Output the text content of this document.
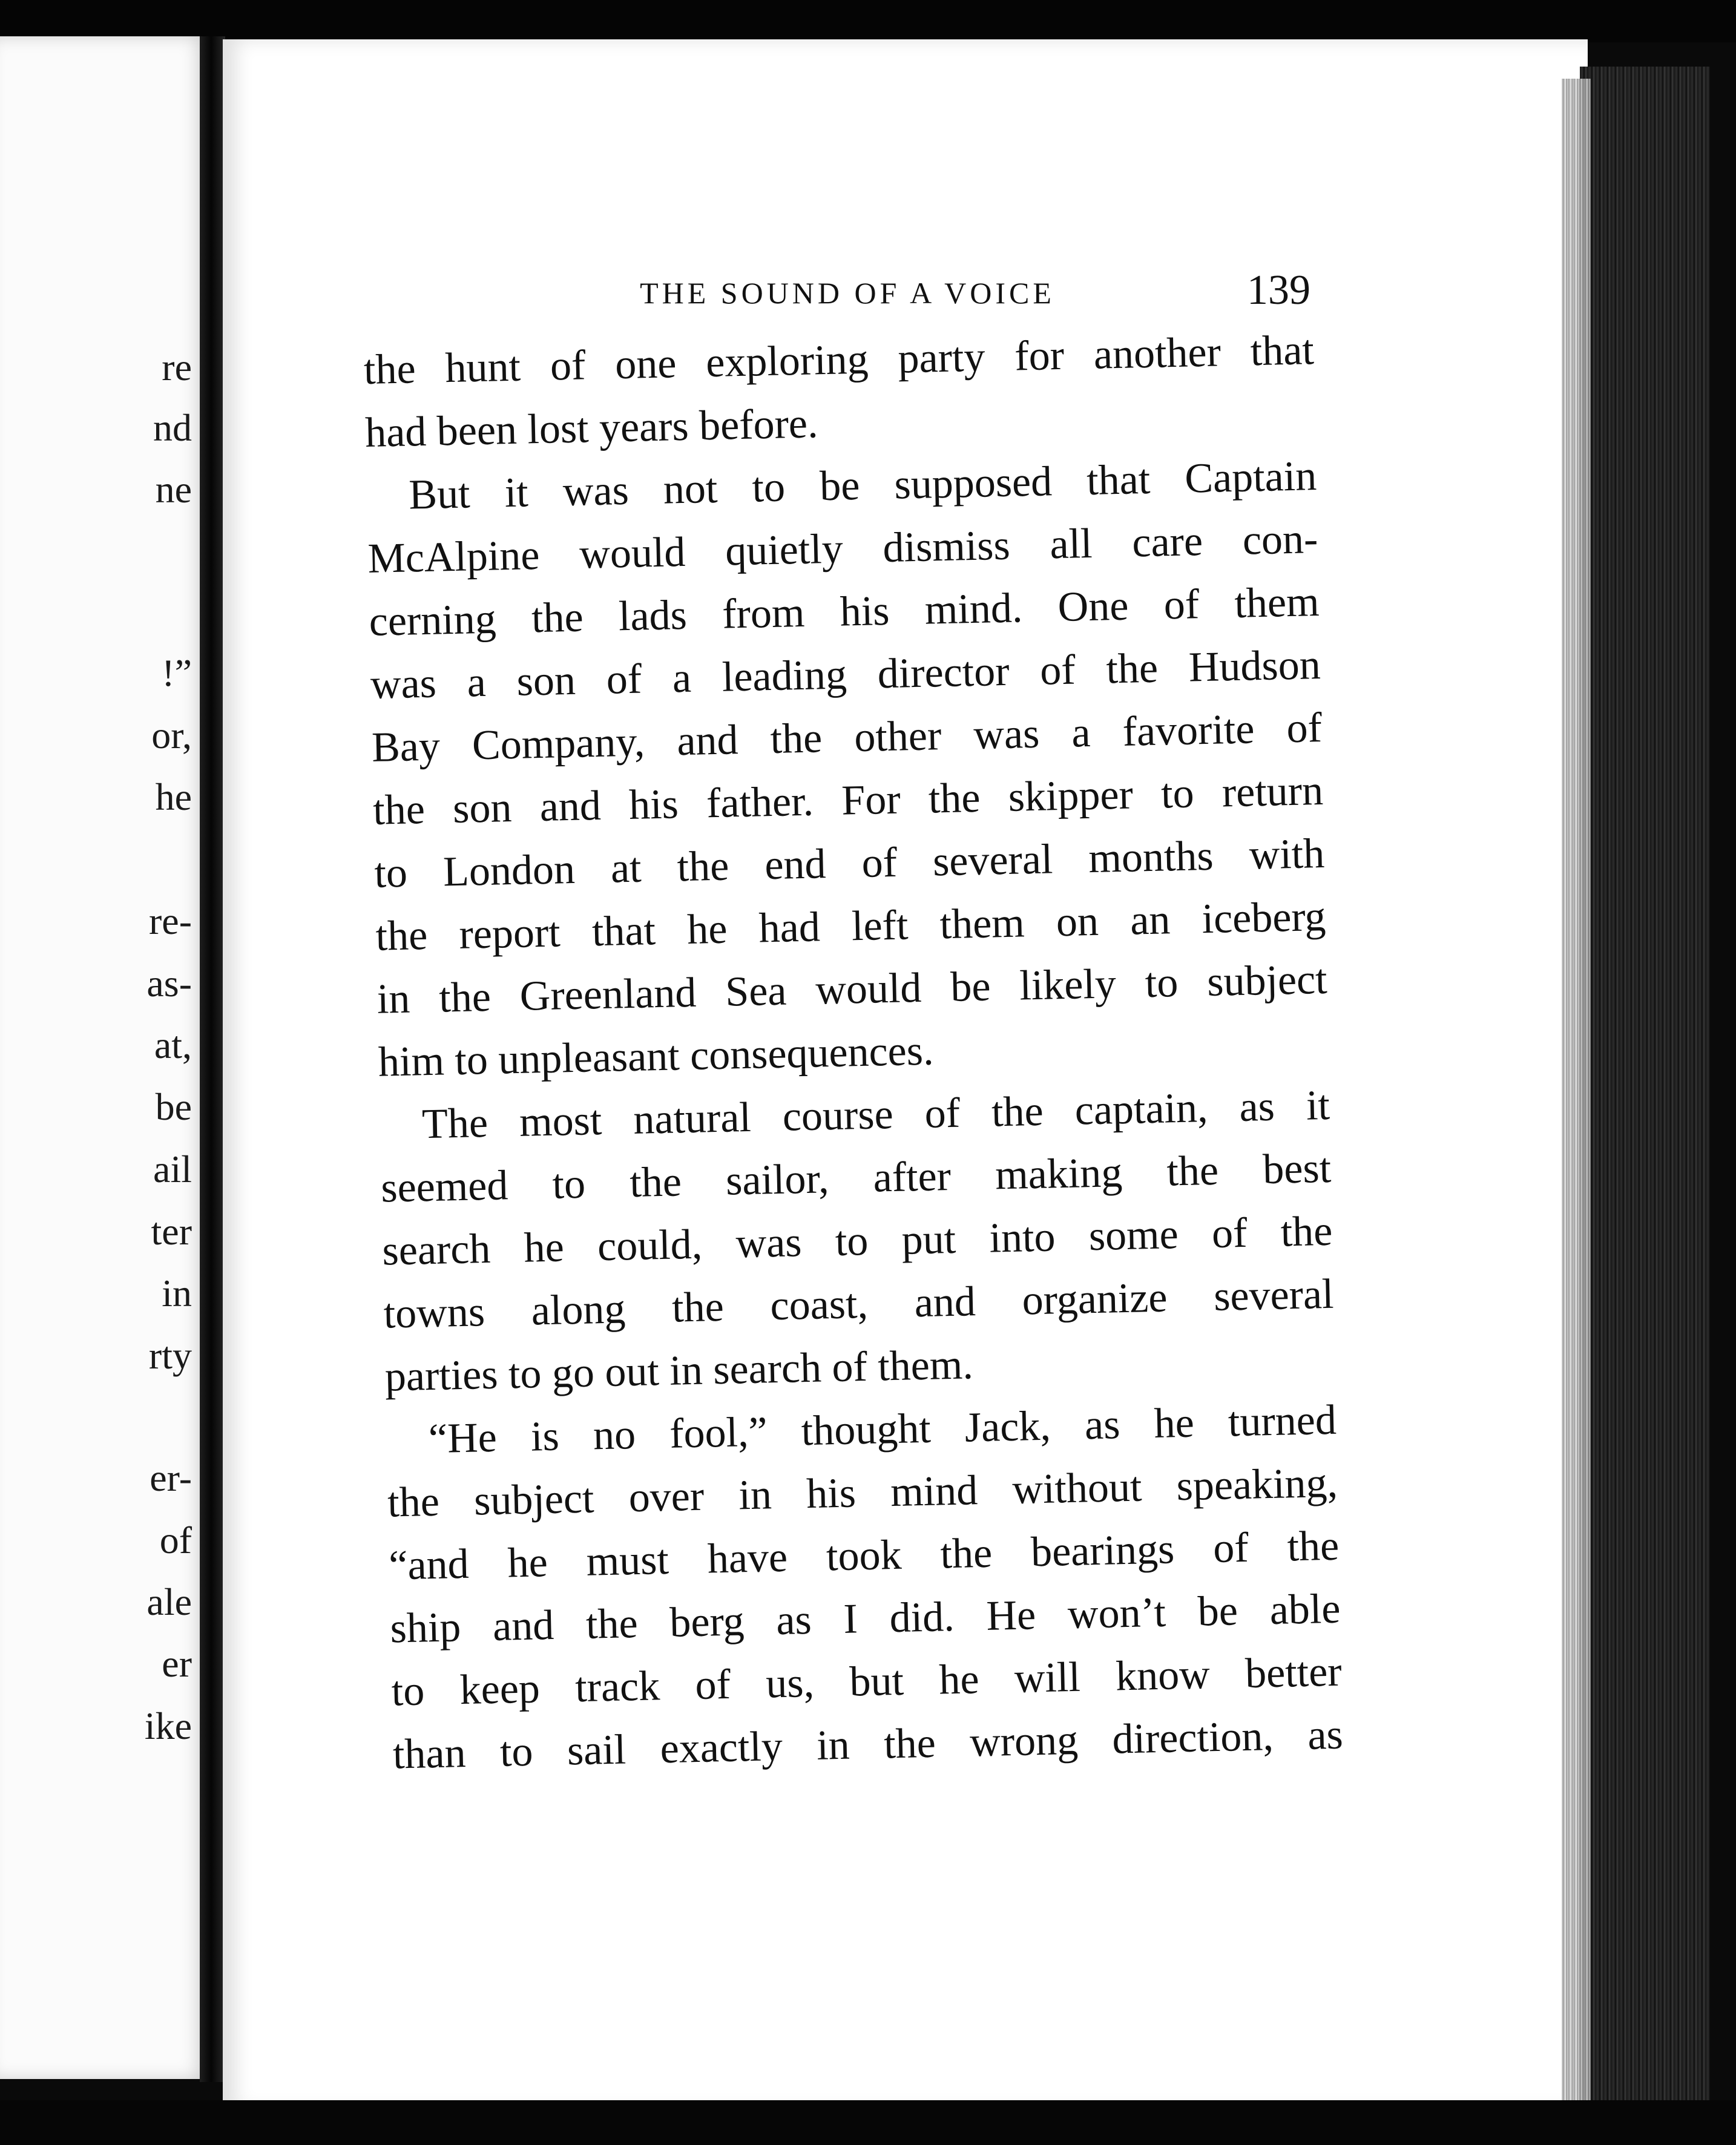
re
nd
ne
!”
or,
he
re-
as-
at,
be
ail
ter
in
rty
er-
of
ale
er
ike
THE SOUND OF A VOICE	139

the hunt of one exploring party for another that

had been lost years before.

But it was not to be supposed that Captain

McAlpine would quietly dismiss all care con-

cerning the lads from his mind. One of them

was a son of a leading director of the Hudson

Bay Company, and the other was a favorite of

the son and his father. For the skipper to return

to London at the end of several months with

the report that he had left them on an iceberg

in the Greenland Sea would be likely to subject

him to unpleasant consequences.

The most natural course of the captain, as it

seemed to the sailor, after making the best

search he could, was to put into some of the

towns along the coast, and organize several

parties to go out in search of them.

“He is no fool,” thought Jack, as he turned

the subject over in his mind without speaking,

“and he must have took the bearings of the

ship and the berg as I did. He won’t be able

to keep track of us, but he will know better

than to sail exactly in the wrong direction, as
